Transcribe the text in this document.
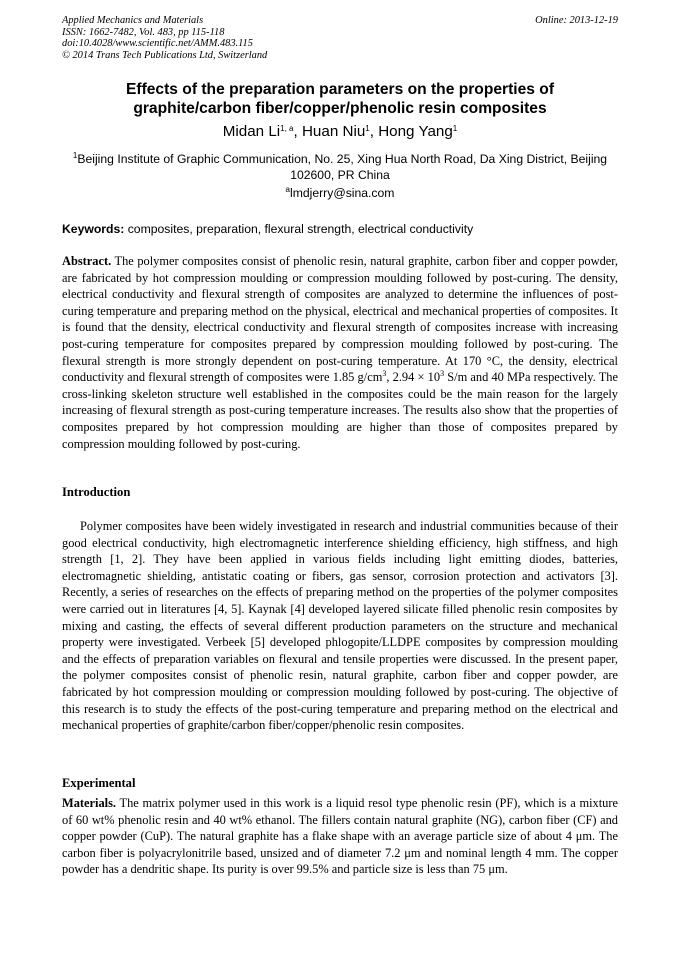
Applied Mechanics and Materials
ISSN: 1662-7482, Vol. 483, pp 115-118
doi:10.4028/www.scientific.net/AMM.483.115
© 2014 Trans Tech Publications Ltd, Switzerland
Online: 2013-12-19
Effects of the preparation parameters on the properties of
graphite/carbon fiber/copper/phenolic resin composites
Midan Li$^{1, a}$, Huan Niu$^1$, Hong Yang$^1$
$^1$Beijing Institute of Graphic Communication, No. 25, Xing Hua North Road, Da Xing District, Beijing 102600, PR China
$^a$lmdjerry@sina.com
Keywords: composites, preparation, flexural strength, electrical conductivity
Abstract. The polymer composites consist of phenolic resin, natural graphite, carbon fiber and copper powder, are fabricated by hot compression moulding or compression moulding followed by post-curing. The density, electrical conductivity and flexural strength of composites are analyzed to determine the influences of post-curing temperature and preparing method on the physical, electrical and mechanical properties of composites. It is found that the density, electrical conductivity and flexural strength of composites increase with increasing post-curing temperature for composites prepared by compression moulding followed by post-curing. The flexural strength is more strongly dependent on post-curing temperature. At 170 °C, the density, electrical conductivity and flexural strength of composites were 1.85 $g/cm^3$, $2.94 \times 10^3$ S/m and 40 MPa respectively. The cross-linking skeleton structure well established in the composites could be the main reason for the largely increasing of flexural strength as post-curing temperature increases. The results also show that the properties of composites prepared by hot compression moulding are higher than those of composites prepared by compression moulding followed by post-curing.
Introduction
Polymer composites have been widely investigated in research and industrial communities because of their good electrical conductivity, high electromagnetic interference shielding efficiency, high stiffness, and high strength [1, 2]. They have been applied in various fields including light emitting diodes, batteries, electromagnetic shielding, antistatic coating or fibers, gas sensor, corrosion protection and activators [3]. Recently, a series of researches on the effects of preparing method on the properties of the polymer composites were carried out in literatures [4, 5]. Kaynak [4] developed layered silicate filled phenolic resin composites by mixing and casting, the effects of several different production parameters on the structure and mechanical property were investigated. Verbeek [5] developed phlogopite/LLDPE composites by compression moulding and the effects of preparation variables on flexural and tensile properties were discussed. In the present paper, the polymer composites consist of phenolic resin, natural graphite, carbon fiber and copper powder, are fabricated by hot compression moulding or compression moulding followed by post-curing. The objective of this research is to study the effects of the post-curing temperature and preparing method on the electrical and mechanical properties of graphite/carbon fiber/copper/phenolic resin composites.
Experimental
Materials. The matrix polymer used in this work is a liquid resol type phenolic resin (PF), which is a mixture of 60 wt% phenolic resin and 40 wt% ethanol. The fillers contain natural graphite (NG), carbon fiber (CF) and copper powder (CuP). The natural graphite has a flake shape with an average particle size of about 4 μm. The carbon fiber is polyacrylonitrile based, unsized and of diameter 7.2 μm and nominal length 4 mm. The copper powder has a dendritic shape. Its purity is over 99.5% and particle size is less than 75 μm.
